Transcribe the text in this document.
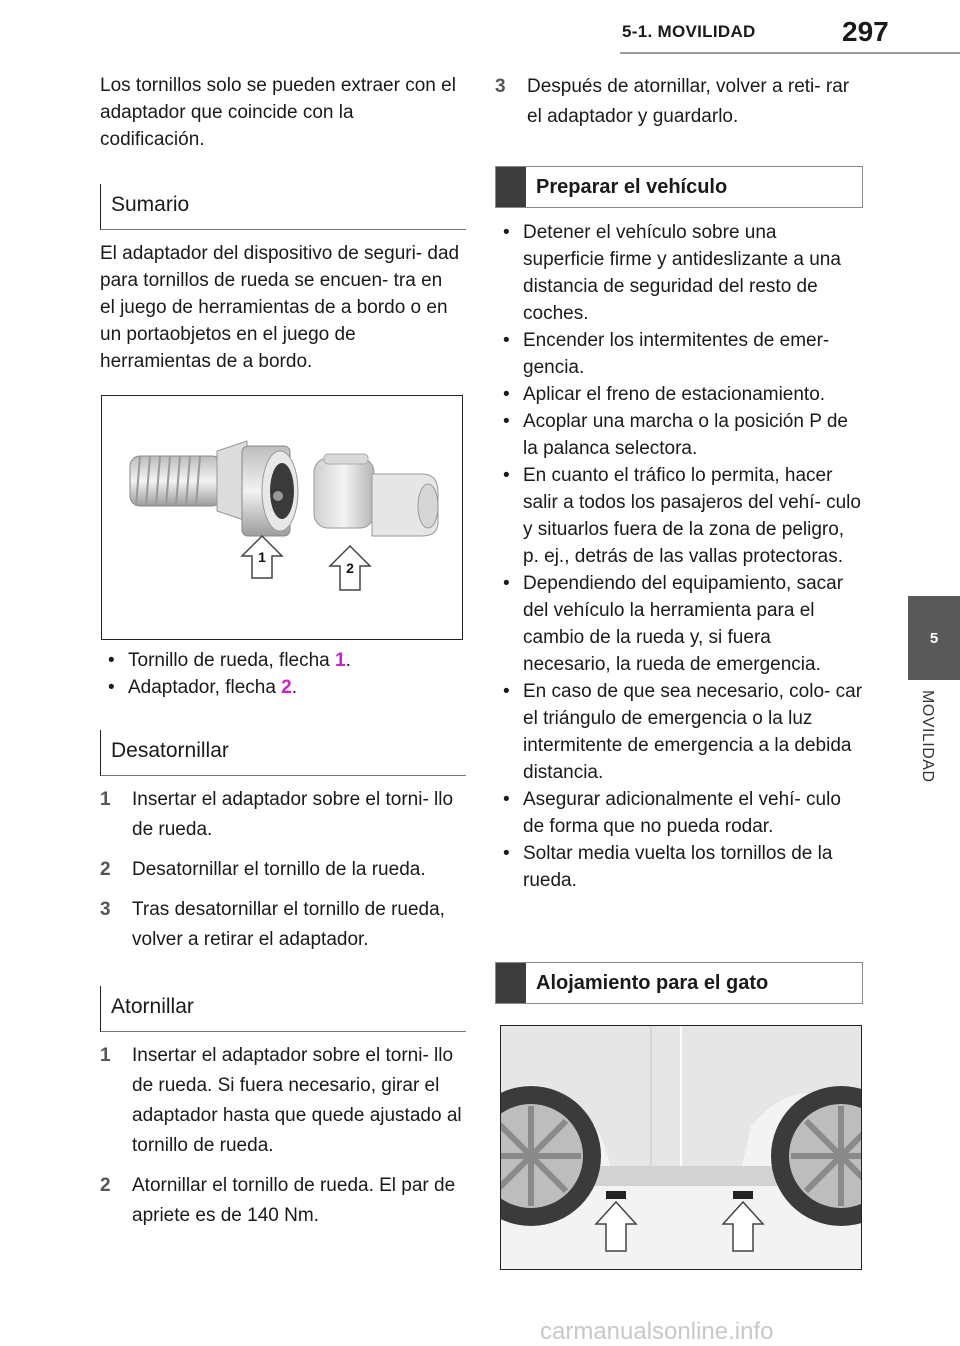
5-1. MOVILIDAD	297
5
MOVILIDAD

Los tornillos solo se pueden extraer con el adaptador que coincide con la codificación.

Sumario

El adaptador del dispositivo de seguri- dad para tornillos de rueda se encuen- tra en el juego de herramientas de a bordo o en un portaobjetos en el juego de herramientas de a bordo.

1
2
• Tornillo de rueda, flecha 1.
• Adaptador, flecha 2.
Desatornillar
1 Insertar el adaptador sobre el torni- llo de rueda.
2 Desatornillar el tornillo de la rueda.
3 Tras desatornillar el tornillo de rueda, volver a retirar el adaptador.
Atornillar
1 Insertar el adaptador sobre el torni- llo de rueda. Si fuera necesario, girar el adaptador hasta que quede ajustado al tornillo de rueda.
2 Atornillar el tornillo de rueda. El par de apriete es de 140 Nm.
3 Después de atornillar, volver a reti- rar el adaptador y guardarlo.
Preparar el vehículo
• Detener el vehículo sobre una superficie firme y antideslizante a una distancia de seguridad del resto de coches.
• Encender los intermitentes de emer- gencia.
• Aplicar el freno de estacionamiento.
• Acoplar una marcha o la posición P de la palanca selectora.
• En cuanto el tráfico lo permita, hacer salir a todos los pasajeros del vehí- culo y situarlos fuera de la zona de peligro, p. ej., detrás de las vallas protectoras.
• Dependiendo del equipamiento, sacar del vehículo la herramienta para el cambio de la rueda y, si fuera necesario, la rueda de emergencia.
• En caso de que sea necesario, colo- car el triángulo de emergencia o la luz intermitente de emergencia a la debida distancia.
• Asegurar adicionalmente el vehí- culo de forma que no pueda rodar.
• Soltar media vuelta los tornillos de la rueda.
Alojamiento para el gato
carmanualsonline.info
